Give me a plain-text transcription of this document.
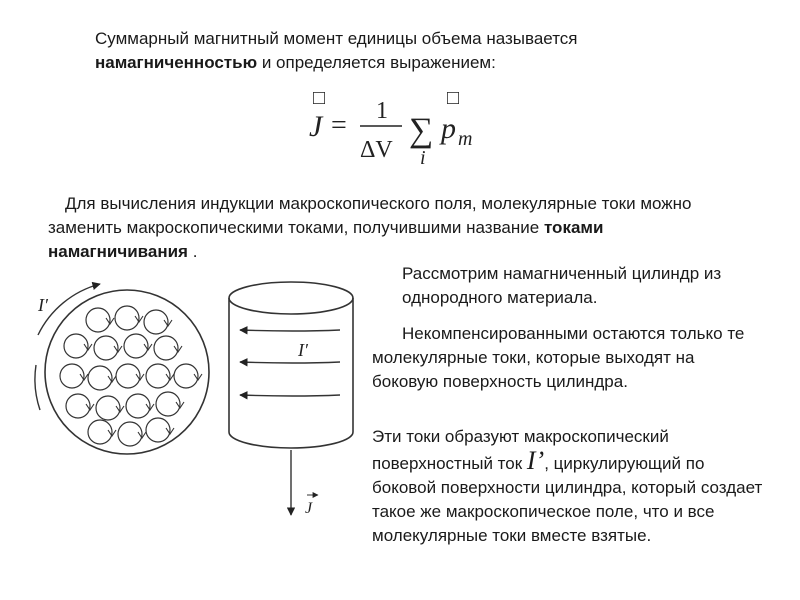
Суммарный магнитный момент единицы объема называется
намагниченностью и определяется выражением:

□
J = 1
ΔV
∑
i
□
p m
I′
I′
J

Для вычисления индукции макроскопического поля, молекулярные токи можно заменить макроскопическими токами, получившими название токами намагничивания .

Рассмотрим намагниченный цилиндр из однородного материала.

Некомпенсированными остаются только те молекулярные токи, которые выходят на боковую поверхность цилиндра.

Эти токи образуют макроскопический
поверхностный ток I’, циркулирующий по боковой поверхности цилиндра, который создает такое же макроскопическое поле, что и все молекулярные токи вместе взятые.
